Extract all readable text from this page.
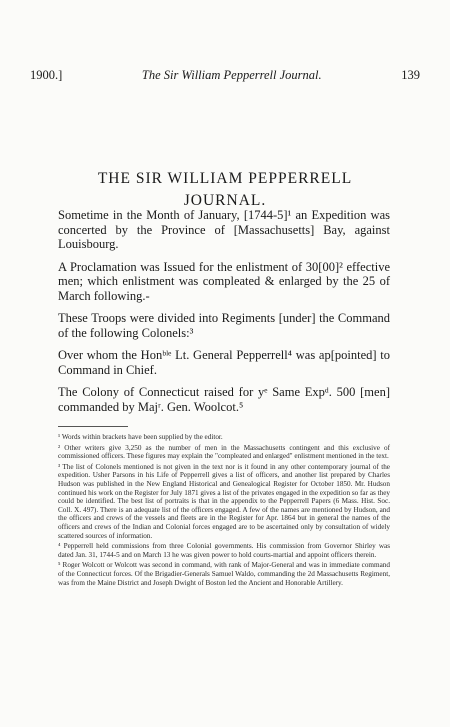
1900.]	The Sir William Pepperrell Journal.	139
THE SIR WILLIAM PEPPERRELL
JOURNAL.

Sometime in the Month of January, [1744-5]¹ an Expedition was concerted by the Province of [Massachusetts] Bay, against Louisbourg.

A Proclamation was Issued for the enlistment of 30[00]² effective men; which enlistment was compleated & enlarged by the 25 of March following.-

These Troops were divided into Regiments [under] the Command of the following Colonels:³

Over whom the Honᵇˡᵉ Lt. General Pepperrell⁴ was ap[pointed] to Command in Chief.

The Colony of Connecticut raised for yᵉ Same Expᵈ. 500 [men] commanded by Majʳ. Gen. Woolcot.⁵

¹ Words within brackets have been supplied by the editor.

² Other writers give 3,250 as the number of men in the Massachusetts contingent and this exclusive of commissioned officers. These figures may explain the "compleated and enlarged" enlistment mentioned in the text.

³ The list of Colonels mentioned is not given in the text nor is it found in any other contemporary journal of the expedition. Usher Parsons in his Life of Pepperrell gives a list of officers, and another list prepared by Charles Hudson was published in the New England Historical and Genealogical Register for October 1850. Mr. Hudson continued his work on the Register for July 1871 gives a list of the privates engaged in the expedition so far as they could be identified. The best list of portraits is that in the appendix to the Pepperrell Papers (6 Mass. Hist. Soc. Coll. X. 497). There is an adequate list of the officers engaged. A few of the names are mentioned by Hudson, and the officers and crews of the vessels and fleets are in the Register for Apr. 1864 but in general the names of the officers and crews of the Indian and Colonial forces engaged are to be ascertained only by consultation of widely scattered sources of information.

⁴ Pepperrell held commissions from three Colonial governments. His commission from Governor Shirley was dated Jan. 31, 1744-5 and on March 13 he was given power to hold courts-martial and appoint officers therein.

⁵ Roger Wolcott or Wolcott was second in command, with rank of Major-General and was in immediate command of the Connecticut forces. Of the Brigadier-Generals Samuel Waldo, commanding the 2d Massachusetts Regiment, was from the Maine District and Joseph Dwight of Boston led the Ancient and Honorable Artillery.
